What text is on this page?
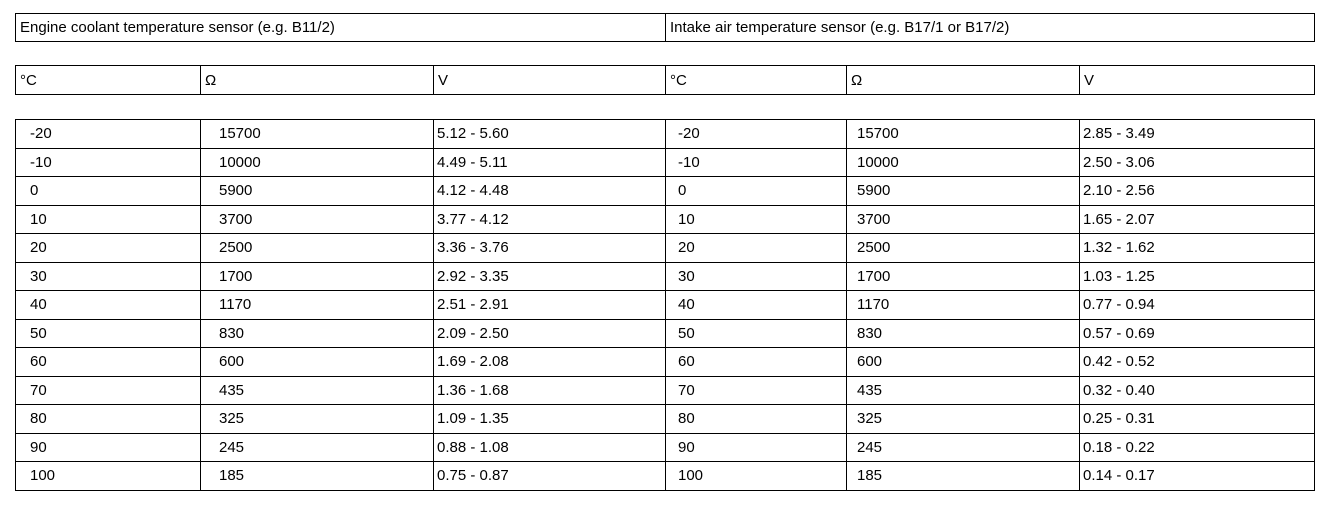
Engine coolant temperature sensor (e.g. B11/2)	Intake air temperature sensor (e.g. B17/1 or B17/2)
°C	Ω	V	°C	Ω	V
-20	15700	5.12 - 5.60	-20	15700	2.85 - 3.49
-10	10000	4.49 - 5.11	-10	10000	2.50 - 3.06
0	5900	4.12 - 4.48	0	5900	2.10 - 2.56
10	3700	3.77 - 4.12	10	3700	1.65 - 2.07
20	2500	3.36 - 3.76	20	2500	1.32 - 1.62
30	1700	2.92 - 3.35	30	1700	1.03 - 1.25
40	1170	2.51 - 2.91	40	1170	0.77 - 0.94
50	830	2.09 - 2.50	50	830	0.57 - 0.69
60	600	1.69 - 2.08	60	600	0.42 - 0.52
70	435	1.36 - 1.68	70	435	0.32 - 0.40
80	325	1.09 - 1.35	80	325	0.25 - 0.31
90	245	0.88 - 1.08	90	245	0.18 - 0.22
100	185	0.75 - 0.87	100	185	0.14 - 0.17
